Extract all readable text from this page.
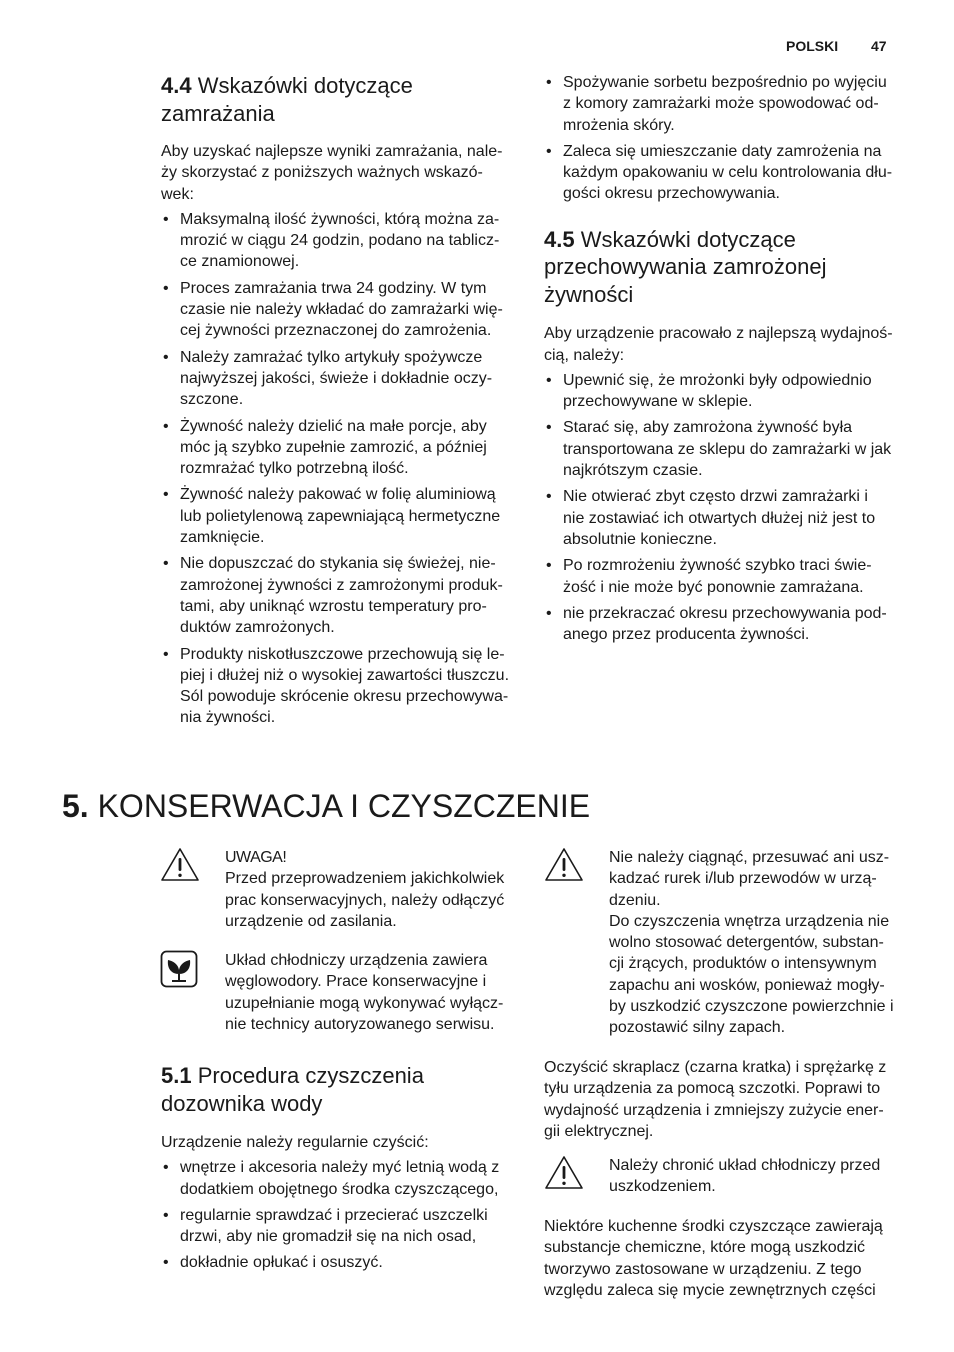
POLSKI 47
4.4 Wskazówki dotyczące
zamrażania

Aby uzyskać najlepsze wyniki zamrażania, nale-
ży skorzystać z poniższych ważnych wskazó-
wek:

• Maksymalną ilość żywności, którą można za-
mrozić w ciągu 24 godzin, podano na tablicz-
ce znamionowej.
• Proces zamrażania trwa 24 godziny. W tym
czasie nie należy wkładać do zamrażarki wię-
cej żywności przeznaczonej do zamrożenia.
• Należy zamrażać tylko artykuły spożywcze
najwyższej jakości, świeże i dokładnie oczy-
szczone.
• Żywność należy dzielić na małe porcje, aby
móc ją szybko zupełnie zamrozić, a później
rozmrażać tylko potrzebną ilość.
• Żywność należy pakować w folię aluminiową
lub polietylenową zapewniającą hermetyczne
zamknięcie.
• Nie dopuszczać do stykania się świeżej, nie-
zamrożonej żywności z zamrożonymi produk-
tami, aby uniknąć wzrostu temperatury pro-
duktów zamrożonych.
• Produkty niskotłuszczowe przechowują się le-
piej i dłużej niż o wysokiej zawartości tłuszczu.
Sól powoduje skrócenie okresu przechowywa-
nia żywności.
• Spożywanie sorbetu bezpośrednio po wyjęciu
z komory zamrażarki może spowodować od-
mrożenia skóry.
• Zaleca się umieszczanie daty zamrożenia na
każdym opakowaniu w celu kontrolowania dłu-
gości okresu przechowywania.
4.5 Wskazówki dotyczące
przechowywania zamrożonej
żywności

Aby urządzenie pracowało z najlepszą wydajnoś-
cią, należy:

• Upewnić się, że mrożonki były odpowiednio
przechowywane w sklepie.
• Starać się, aby zamrożona żywność była
transportowana ze sklepu do zamrażarki w jak
najkrótszym czasie.
• Nie otwierać zbyt często drzwi zamrażarki i
nie zostawiać ich otwartych dłużej niż jest to
absolutnie konieczne.
• Po rozmrożeniu żywność szybko traci świe-
żość i nie może być ponownie zamrażana.
• nie przekraczać okresu przechowywania pod-
anego przez producenta żywności.
5. KONSERWACJA I CZYSZCZENIE
UWAGA!
Przed przeprowadzeniem jakichkolwiek
prac konserwacyjnych, należy odłączyć
urządzenie od zasilania.
Układ chłodniczy urządzenia zawiera
węglowodory. Prace konserwacyjne i
uzupełnianie mogą wykonywać wyłącz-
nie technicy autoryzowanego serwisu.
5.1 Procedura czyszczenia
dozownika wody

Urządzenie należy regularnie czyścić:

• wnętrze i akcesoria należy myć letnią wodą z
dodatkiem obojętnego środka czyszczącego,
• regularnie sprawdzać i przecierać uszczelki
drzwi, aby nie gromadził się na nich osad,
• dokładnie opłukać i osuszyć.
Nie należy ciągnąć, przesuwać ani usz-
kadzać rurek i/lub przewodów w urzą-
dzeniu.
Do czyszczenia wnętrza urządzenia nie
wolno stosować detergentów, substan-
cji żrących, produktów o intensywnym
zapachu ani wosków, ponieważ mogły-
by uszkodzić czyszczone powierzchnie i
pozostawić silny zapach.

Oczyścić skraplacz (czarna kratka) i sprężarkę z
tyłu urządzenia za pomocą szczotki. Poprawi to
wydajność urządzenia i zmniejszy zużycie ener-
gii elektrycznej.

Należy chronić układ chłodniczy przed
uszkodzeniem.

Niektóre kuchenne środki czyszczące zawierają
substancje chemiczne, które mogą uszkodzić
tworzywo zastosowane w urządzeniu. Z tego
względu zaleca się mycie zewnętrznych części
